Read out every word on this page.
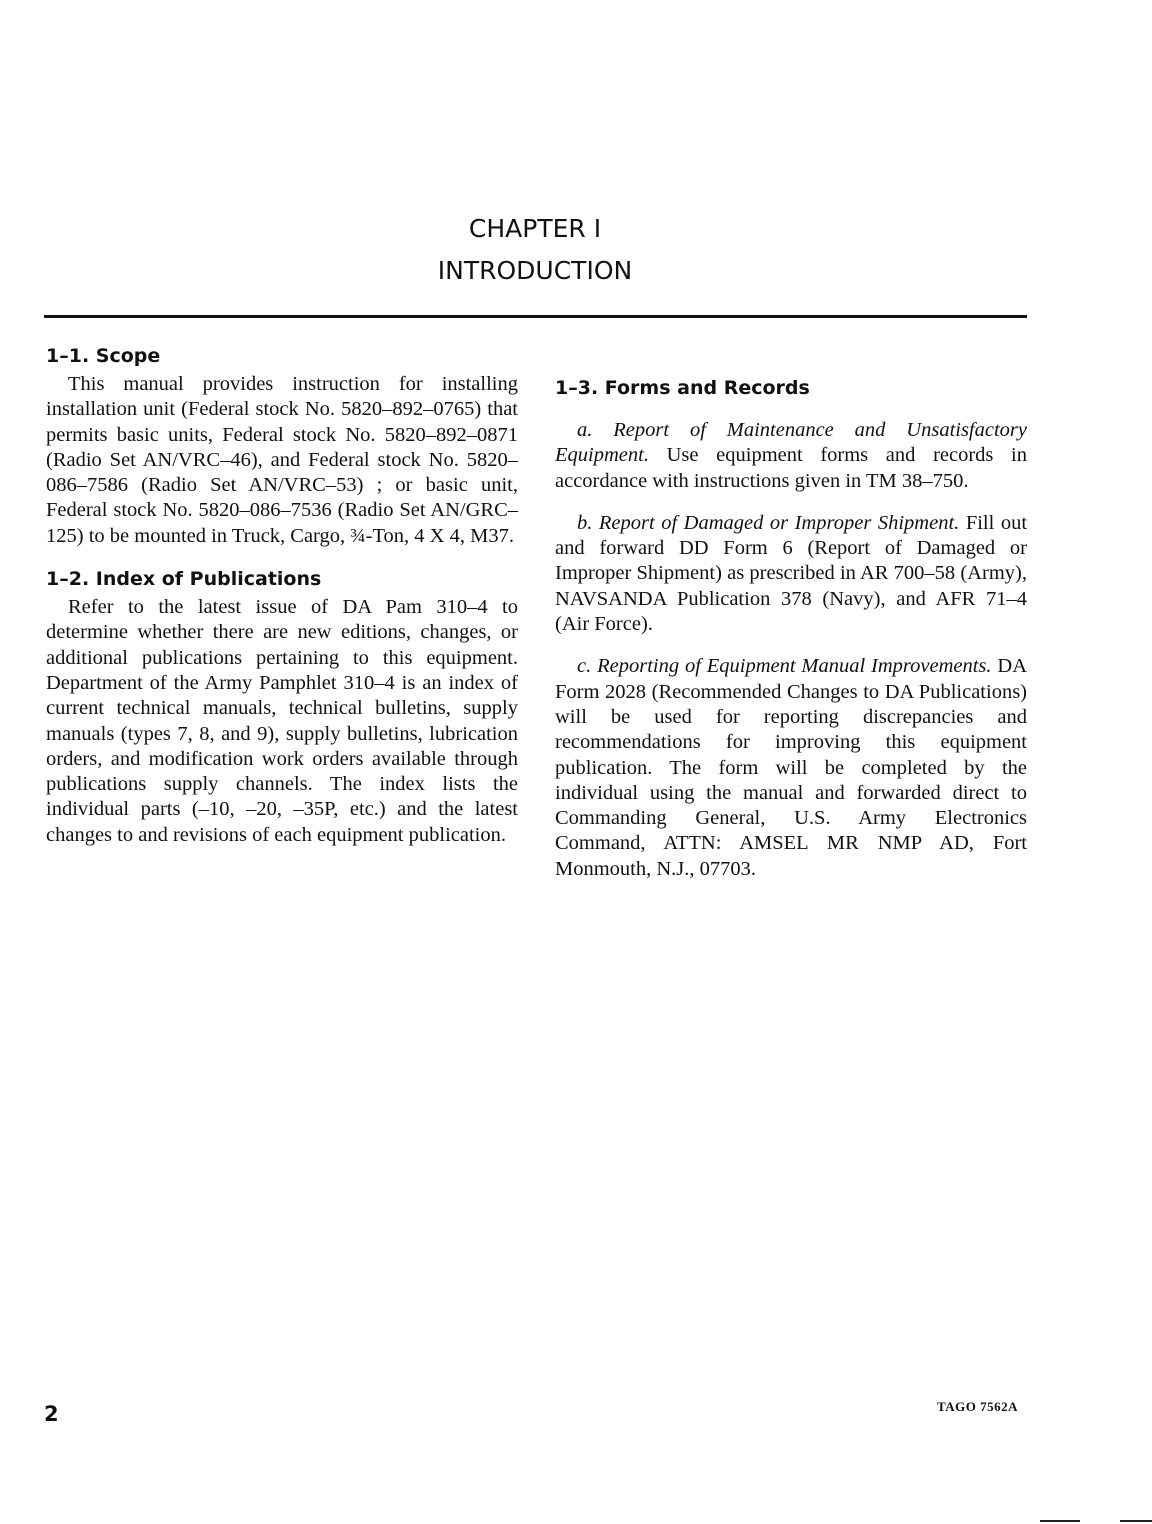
CHAPTER I
INTRODUCTION
1–1. Scope

This manual provides instruction for installing installation unit (Federal stock No. 5820–892–0765) that permits basic units, Federal stock No. 5820–892–0871 (Radio Set AN/VRC–46), and Federal stock No. 5820–086–7586 (Radio Set AN/VRC–53) ; or basic unit, Federal stock No. 5820–086–7536 (Radio Set AN/GRC–125) to be mounted in Truck, Cargo, ¾-Ton, 4 X 4, M37.

1–2. Index of Publications

Refer to the latest issue of DA Pam 310–4 to determine whether there are new editions, changes, or additional publications pertaining to this equipment. Department of the Army Pamphlet 310–4 is an index of current technical manuals, technical bulletins, supply manuals (types 7, 8, and 9), supply bulletins, lubrication orders, and modification work orders available through publications supply channels. The index lists the individual parts (–10, –20, –35P, etc.) and the latest changes to and revisions of each equipment publication.

1–3. Forms and Records

a. Report of Maintenance and Unsatisfactory Equipment. Use equipment forms and records in accordance with instructions given in TM 38–750.

b. Report of Damaged or Improper Shipment. Fill out and forward DD Form 6 (Report of Damaged or Improper Shipment) as prescribed in AR 700–58 (Army), NAVSANDA Publication 378 (Navy), and AFR 71–4 (Air Force).

c. Reporting of Equipment Manual Improvements. DA Form 2028 (Recommended Changes to DA Publications) will be used for reporting discrepancies and recommendations for improving this equipment publication. The form will be completed by the individual using the manual and forwarded direct to Commanding General, U.S. Army Electronics Command, ATTN: AMSEL MR NMP AD, Fort Monmouth, N.J., 07703.

2	TAGO 7562A
